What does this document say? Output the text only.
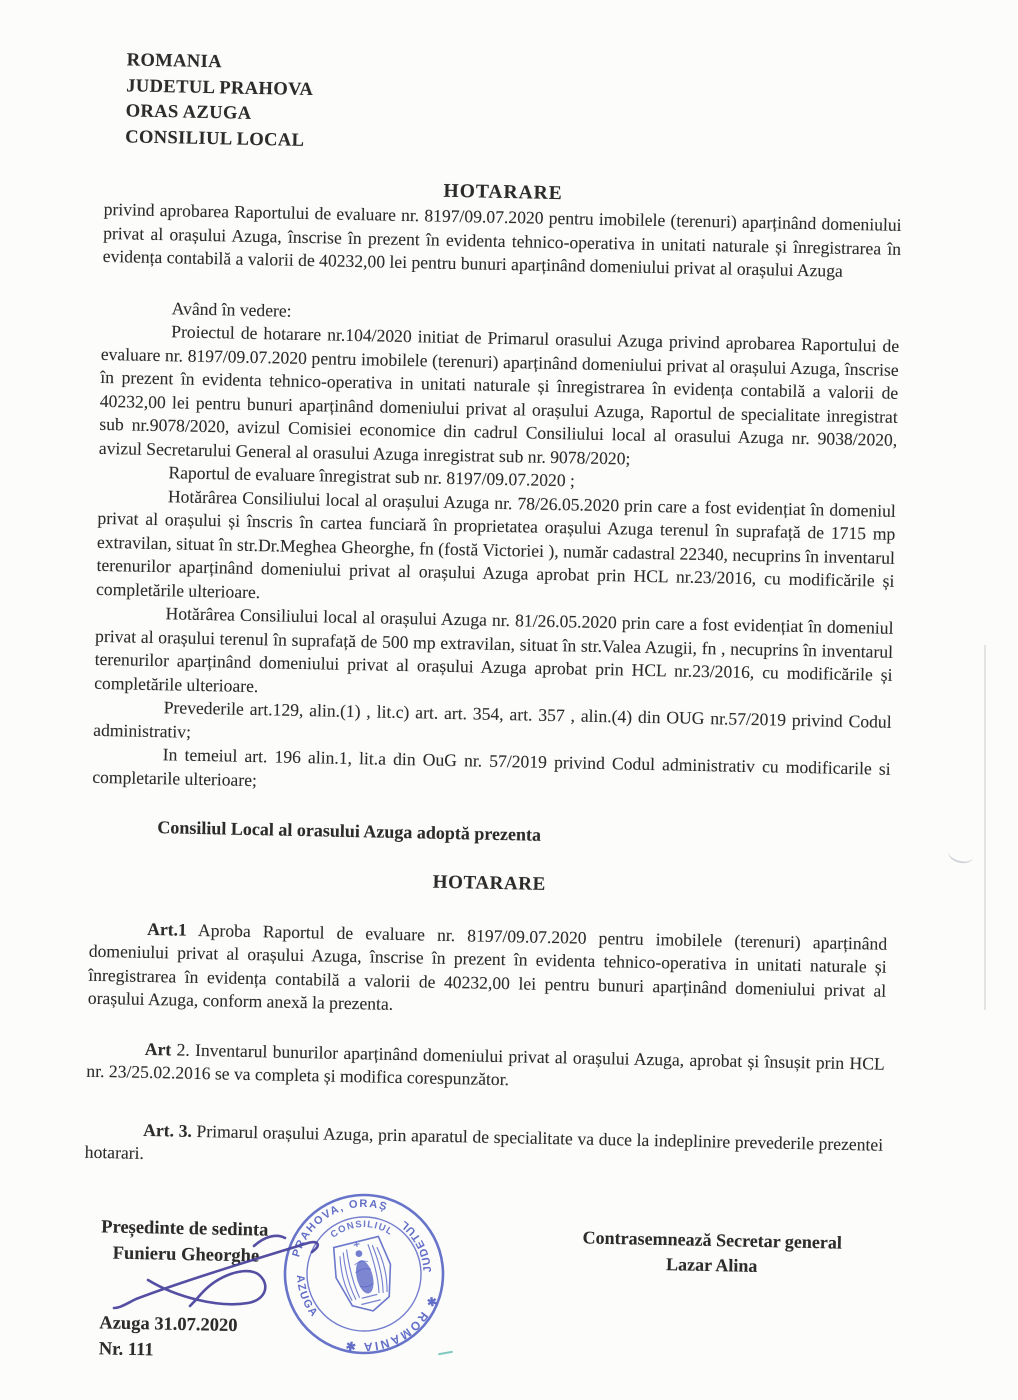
ROMANIA
JUDETUL PRAHOVA
ORAS AZUGA
CONSILIUL LOCAL
HOTARARE

privind aprobarea Raportului de evaluare nr. 8197/09.07.2020 pentru imobilele (terenuri) aparținând domeniului privat al orașului Azuga, înscrise în prezent în evidenta tehnico-operativa in unitati naturale și înregistrarea în evidența contabilă a valorii de 40232,00 lei pentru bunuri aparținând domeniului privat al orașului Azuga

Având în vedere:

Proiectul de hotarare nr.104/2020 initiat de Primarul orasului Azuga privind aprobarea Raportului de evaluare nr. 8197/09.07.2020 pentru imobilele (terenuri) aparținând domeniului privat al orașului Azuga, înscrise în prezent în evidenta tehnico-operativa in unitati naturale și înregistrarea în evidența contabilă a valorii de 40232,00 lei pentru bunuri aparținând domeniului privat al orașului Azuga, Raportul de specialitate inregistrat sub nr.9078/2020, avizul Comisiei economice din cadrul Consiliului local al orasului Azuga nr. 9038/2020, avizul Secretarului General al orasului Azuga inregistrat sub nr. 9078/2020;

Raportul de evaluare înregistrat sub nr. 8197/09.07.2020 ;

Hotărârea Consiliului local al orașului Azuga nr. 78/26.05.2020 prin care a fost evidențiat în domeniul privat al orașului și înscris în cartea funciară în proprietatea orașului Azuga terenul în suprafață de 1715 mp extravilan, situat în str.Dr.Meghea Gheorghe, fn (fostă Victoriei ), număr cadastral 22340, necuprins în inventarul terenurilor aparținând domeniului privat al orașului Azuga aprobat prin HCL nr.23/2016, cu modificările și completările ulterioare.

Hotărârea Consiliului local al orașului Azuga nr. 81/26.05.2020 prin care a fost evidențiat în domeniul privat al orașului terenul în suprafață de 500 mp extravilan, situat în str.Valea Azugii, fn , necuprins în inventarul terenurilor aparținând domeniului privat al orașului Azuga aprobat prin HCL nr.23/2016, cu modificările și completările ulterioare.

Prevederile art.129, alin.(1) , lit.c) art. art. 354, art. 357 , alin.(4) din OUG nr.57/2019 privind Codul administrativ;

In temeiul art. 196 alin.1, lit.a din OuG nr. 57/2019 privind Codul administrativ cu modificarile si completarile ulterioare;

Consiliul Local al orasului Azuga adoptă prezenta

HOTARARE

Art.1 Aproba Raportul de evaluare nr. 8197/09.07.2020 pentru imobilele (terenuri) aparținând domeniului privat al orașului Azuga, înscrise în prezent în evidenta tehnico-operativa in unitati naturale și înregistrarea în evidența contabilă a valorii de 40232,00 lei pentru bunuri aparținând domeniului privat al orașului Azuga, conform anexă la prezenta.

Art 2. Inventarul bunurilor aparținând domeniului privat al orașului Azuga, aprobat și însușit prin HCL nr. 23/25.02.2016 se va completa și modifica corespunzător.

Art. 3. Primarul orașului Azuga, prin aparatul de specialitate va duce la indeplinire prevederile prezentei hotarari.

Președinte de sedinta
Funieru Gheorghe
Azuga 31.07.2020
Nr. 111
Contrasemnează Secretar general
Lazar Alina
PRAHOVA, ORAȘ
AZUGA
JUDETUL
✱ ROMÂNIA ✱
CONSILIUL
